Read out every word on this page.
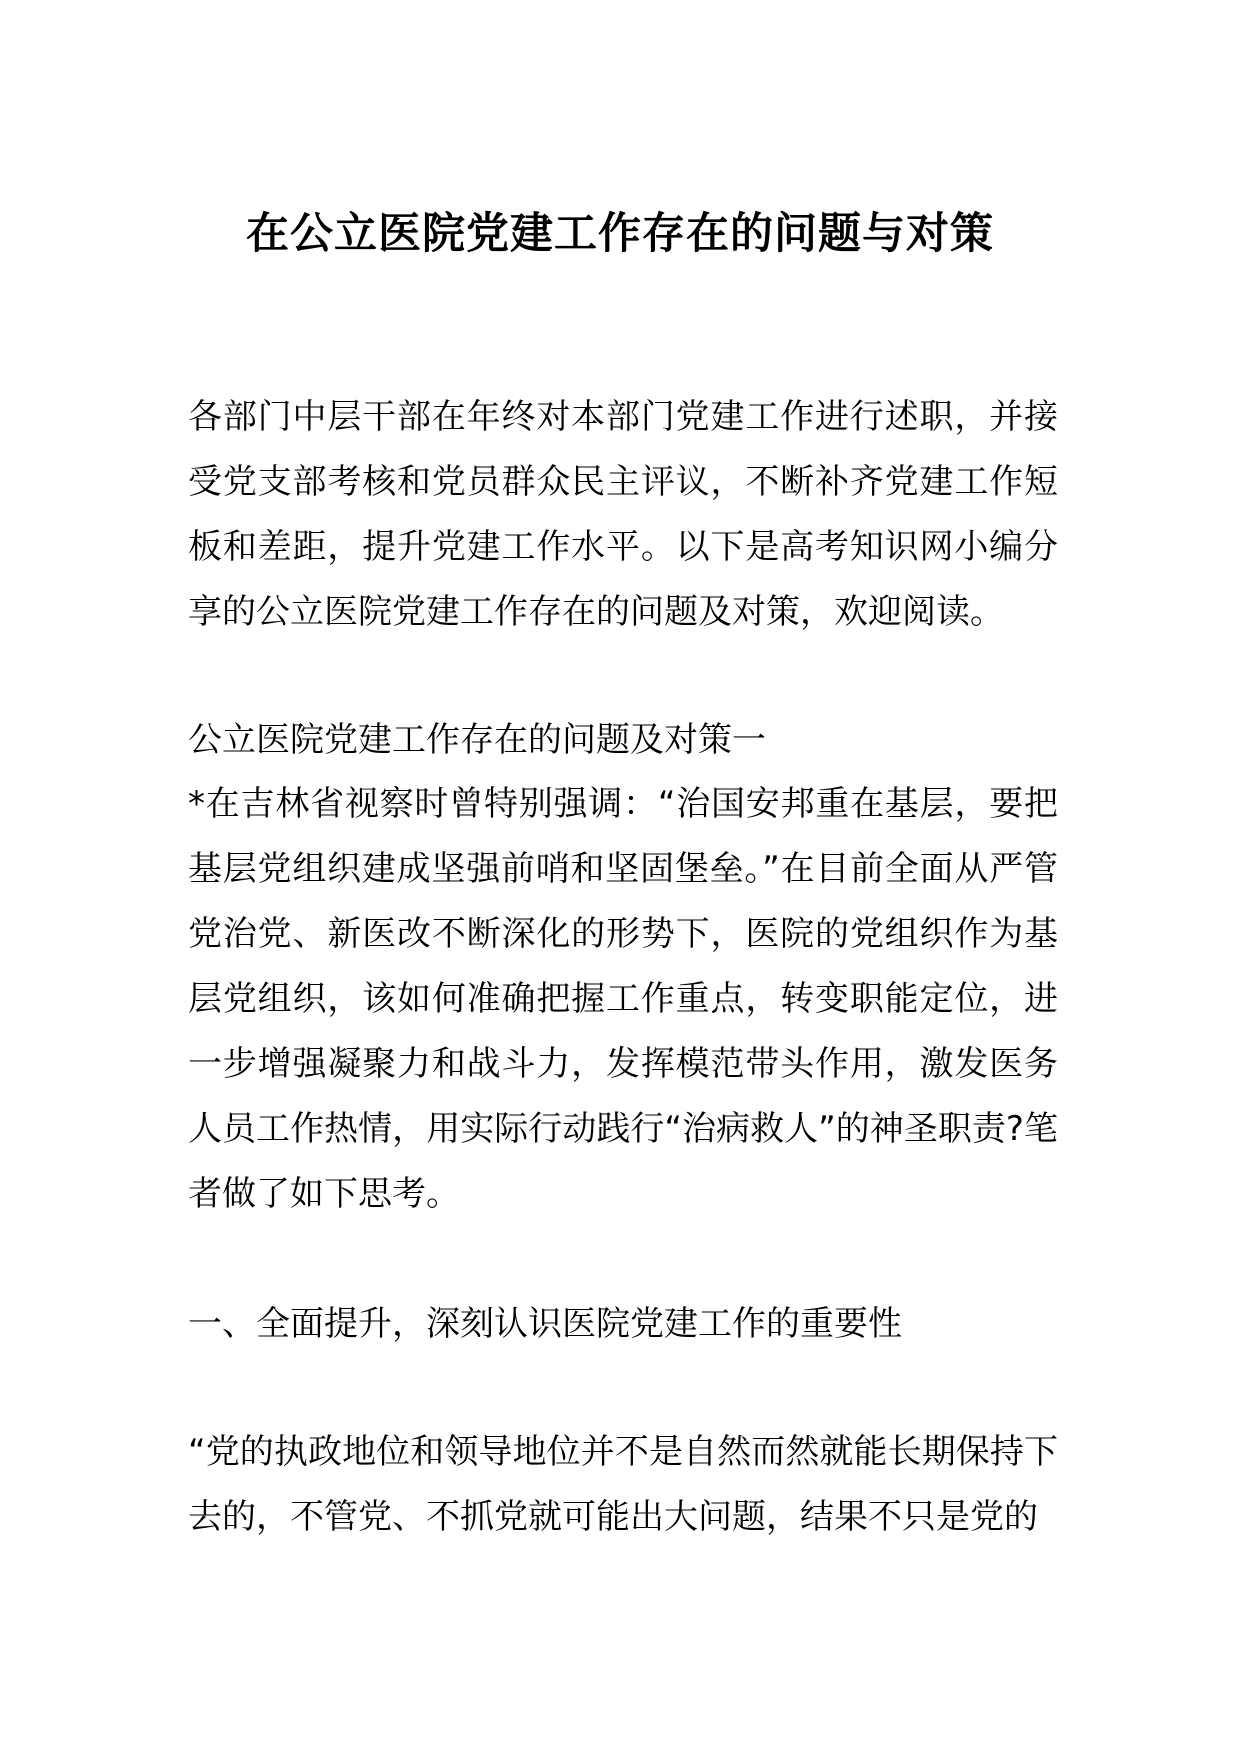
在公立医院党建工作存在的问题与对策

各部门中层干部在年终对本部门党建工作进行述职，并接受党支部考核和党员群众民主评议，不断补齐党建工作短板和差距，提升党建工作水平。以下是高考知识网小编分享的公立医院党建工作存在的问题及对策，欢迎阅读。

公立医院党建工作存在的问题及对策一

*在吉林省视察时曾特别强调：“治国安邦重在基层，要把基层党组织建成坚强前哨和坚固堡垒。”在目前全面从严管党治党、新医改不断深化的形势下，医院的党组织作为基层党组织，该如何准确把握工作重点，转变职能定位，进一步增强凝聚力和战斗力，发挥模范带头作用，激发医务人员工作热情，用实际行动践行“治病救人”的神圣职责?笔者做了如下思考。

一、全面提升，深刻认识医院党建工作的重要性

“党的执政地位和领导地位并不是自然而然就能长期保持下去的，不管党、不抓党就可能出大问题，结果不只是党的
